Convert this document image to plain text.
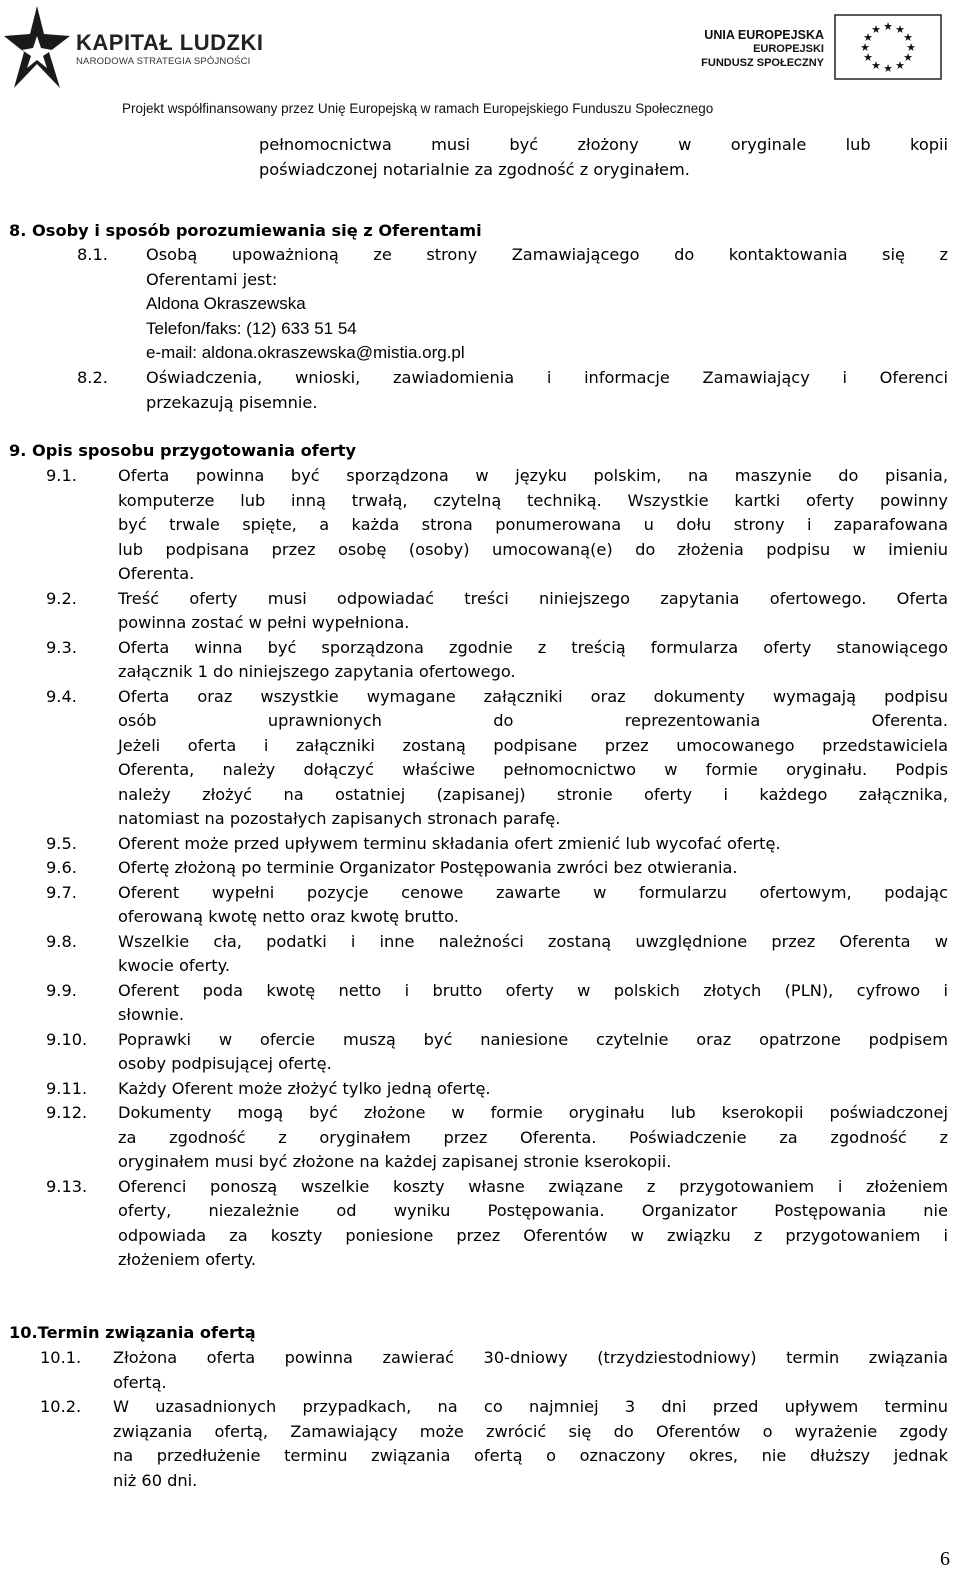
KAPITAŁ LUDZKI
NARODOWA STRATEGIA SPÓJNOŚCI
UNIA EUROPEJSKA
EUROPEJSKI
FUNDUSZ SPOŁECZNY
★ ★
★
★
★
★
★
★
★
★
★
★
Projekt współfinansowany przez Unię Europejską w ramach Europejskiego Funduszu Społecznego
pełnomocnictwa musi być złożony w oryginale lub kopii
poświadczonej notarialnie za zgodność z oryginałem.
8. Osoby i sposób porozumiewania się z Oferentami
8.1. Osobą upoważnioną ze strony Zamawiającego do kontaktowania się z
Oferentami jest:
Aldona Okraszewska
Telefon/faks: (12) 633 51 54
e-mail: aldona.okraszewska@mistia.org.pl
8.2. Oświadczenia, wnioski, zawiadomienia i informacje Zamawiający i Oferenci
przekazują pisemnie.
9. Opis sposobu przygotowania oferty
9.1.	Oferta powinna być sporządzona w języku polskim, na maszynie do pisania,
komputerze lub inną trwałą, czytelną techniką. Wszystkie kartki oferty powinny
być trwale spięte, a każda strona ponumerowana u dołu strony i zaparafowana
lub podpisana przez osobę (osoby) umocowaną(e) do złożenia podpisu w imieniu
Oferenta.
9.2.	Treść oferty musi odpowiadać treści niniejszego zapytania ofertowego. Oferta
powinna zostać w pełni wypełniona.
9.3.	Oferta winna być sporządzona zgodnie z treścią formularza oferty stanowiącego
załącznik 1 do niniejszego zapytania ofertowego.
9.4.	Oferta oraz wszystkie wymagane załączniki oraz dokumenty wymagają podpisu
osób uprawnionych do reprezentowania Oferenta.
Jeżeli oferta i załączniki zostaną podpisane przez umocowanego przedstawiciela
Oferenta, należy dołączyć właściwe pełnomocnictwo w formie oryginału. Podpis
należy złożyć na ostatniej (zapisanej) stronie oferty i każdego załącznika,
natomiast na pozostałych zapisanych stronach parafę.
9.5.	Oferent może przed upływem terminu składania ofert zmienić lub wycofać ofertę.
9.6.	Ofertę złożoną po terminie Organizator Postępowania zwróci bez otwierania.
9.7.	Oferent wypełni pozycje cenowe zawarte w formularzu ofertowym, podając
oferowaną kwotę netto oraz kwotę brutto.
9.8.	Wszelkie cła, podatki i inne należności zostaną uwzględnione przez Oferenta w
kwocie oferty.
9.9.	Oferent poda kwotę netto i brutto oferty w polskich złotych (PLN), cyfrowo i
słownie.
9.10. Poprawki w ofercie muszą być naniesione czytelnie oraz opatrzone podpisem
osoby podpisującej ofertę.
9.11. Każdy Oferent może złożyć tylko jedną ofertę.
9.12. Dokumenty mogą być złożone w formie oryginału lub kserokopii poświadczonej
za zgodność z oryginałem przez Oferenta. Poświadczenie za zgodność z
oryginałem musi być złożone na każdej zapisanej stronie kserokopii.
9.13. Oferenci ponoszą wszelkie koszty własne związane z przygotowaniem i złożeniem
oferty, niezależnie od wyniku Postępowania. Organizator Postępowania nie
odpowiada za koszty poniesione przez Oferentów w związku z przygotowaniem i
złożeniem oferty.
10.Termin związania ofertą
10.1. Złożona oferta powinna zawierać 30-dniowy (trzydziestodniowy) termin związania
ofertą.
10.2. W uzasadnionych przypadkach, na co najmniej 3 dni przed upływem terminu
związania ofertą, Zamawiający może zwrócić się do Oferentów o wyrażenie zgody
na przedłużenie terminu związania ofertą o oznaczony okres, nie dłuższy jednak
niż 60 dni.
6
